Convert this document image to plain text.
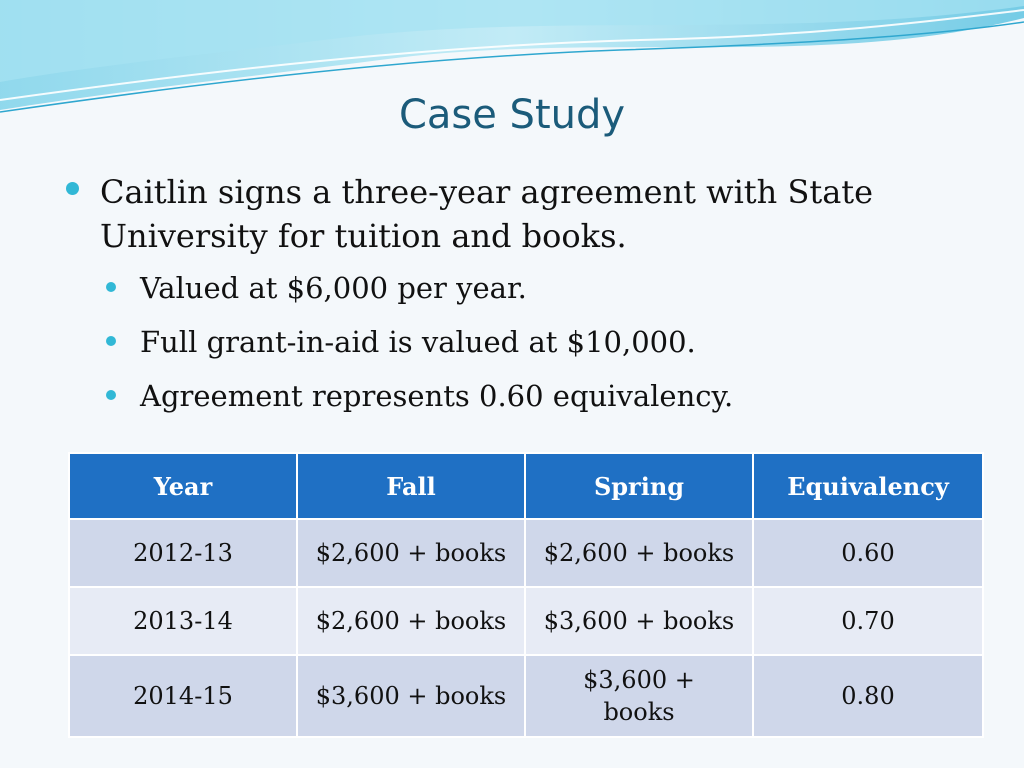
Case Study
Caitlin signs a three-year agreement with State University for tuition and books.
Valued at $6,000 per year.
Full grant-in-aid is valued at $10,000.
Agreement represents 0.60 equivalency.
Year	Fall	Spring	Equivalency
2012-13	$2,600 + books	$2,600 + books	0.60
2013-14	$2,600 + books	$3,600 + books	0.70
2014-15	$3,600 + books	$3,600 + books	0.80
